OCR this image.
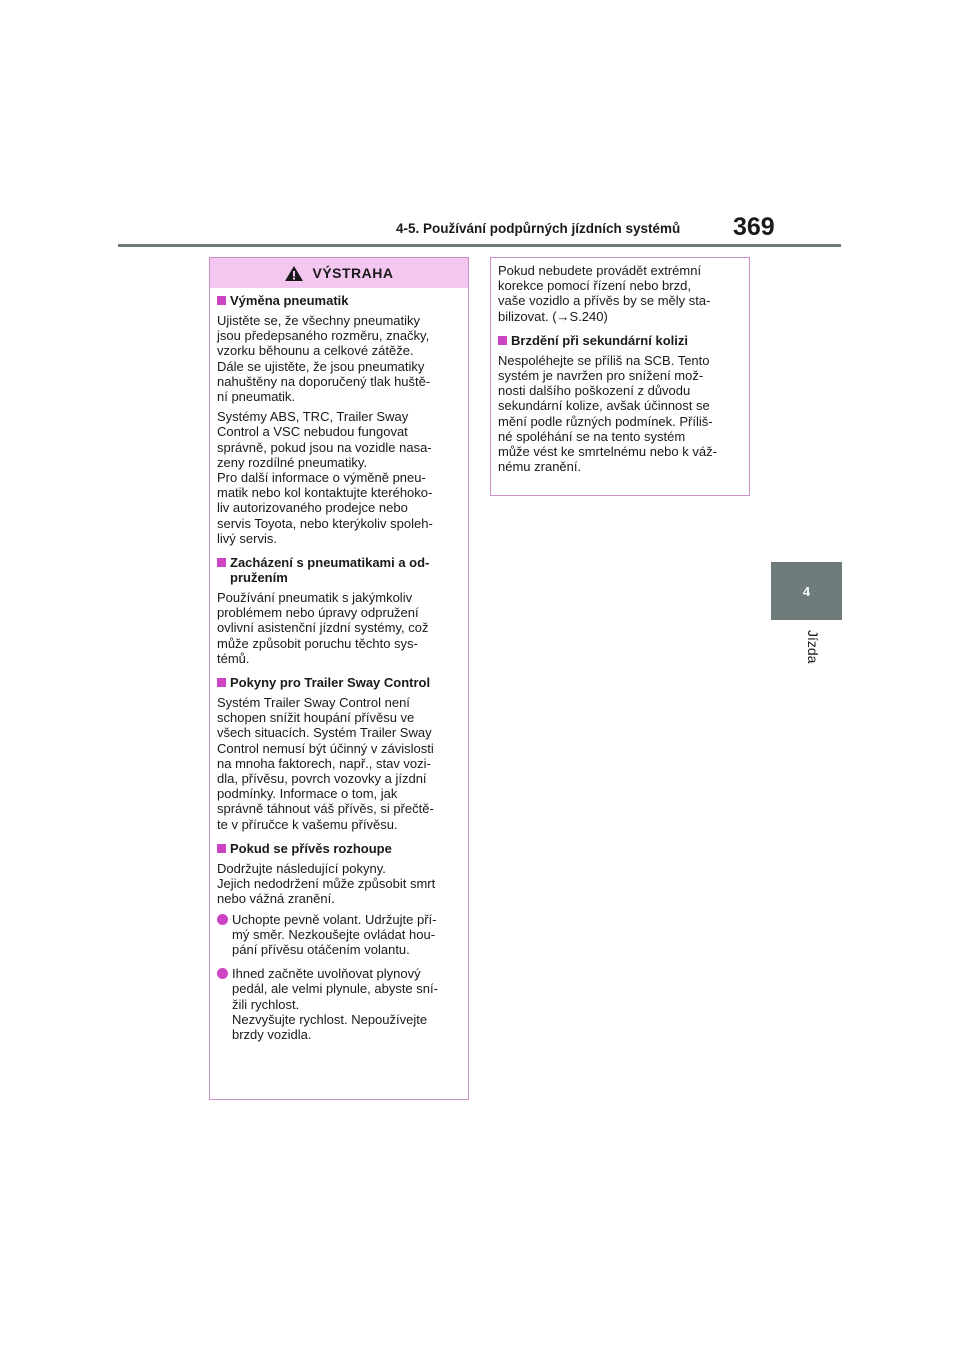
4-5. Používání podpůrných jízdních systémů 369
4
Jízda
VÝSTRAHA
Výměna pneumatik
Ujistěte se, že všechny pneumatiky
jsou předepsaného rozměru, značky,
vzorku běhounu a celkové zátěže.
Dále se ujistěte, že jsou pneumatiky
nahuštěny na doporučený tlak huště-
ní pneumatik.
Systémy ABS, TRC, Trailer Sway
Control a VSC nebudou fungovat
správně, pokud jsou na vozidle nasa-
zeny rozdílné pneumatiky.
Pro další informace o výměně pneu-
matik nebo kol kontaktujte kteréhoko-
liv autorizovaného prodejce nebo
servis Toyota, nebo kterýkoliv spoleh-
livý servis.
Zacházení s pneumatikami a od-
pružením
Používání pneumatik s jakýmkoliv
problémem nebo úpravy odpružení
ovlivní asistenční jízdní systémy, což
může způsobit poruchu těchto sys-
témů.
Pokyny pro Trailer Sway Control
Systém Trailer Sway Control není
schopen snížit houpání přívěsu ve
všech situacích. Systém Trailer Sway
Control nemusí být účinný v závislosti
na mnoha faktorech, např., stav vozi-
dla, přívěsu, povrch vozovky a jízdní
podmínky. Informace o tom, jak
správně táhnout váš přívěs, si přečtě-
te v příručce k vašemu přívěsu.
Pokud se přívěs rozhoupe
Dodržujte následující pokyny.
Jejich nedodržení může způsobit smrt
nebo vážná zranění.
Uchopte pevně volant. Udržujte pří-
mý směr. Nezkoušejte ovládat hou-
pání přívěsu otáčením volantu.
Ihned začněte uvolňovat plynový
pedál, ale velmi plynule, abyste sní-
žili rychlost.
Nezvyšujte rychlost. Nepoužívejte
brzdy vozidla.
Pokud nebudete provádět extrémní
korekce pomocí řízení nebo brzd,
vaše vozidlo a přívěs by se měly sta-
bilizovat. (→S.240)
Brzdění při sekundární kolizi
Nespoléhejte se příliš na SCB. Tento
systém je navržen pro snížení mož-
nosti dalšího poškození z důvodu
sekundární kolize, avšak účinnost se
mění podle různých podmínek. Příliš-
né spoléhání se na tento systém
může vést ke smrtelnému nebo k váž-
nému zranění.
